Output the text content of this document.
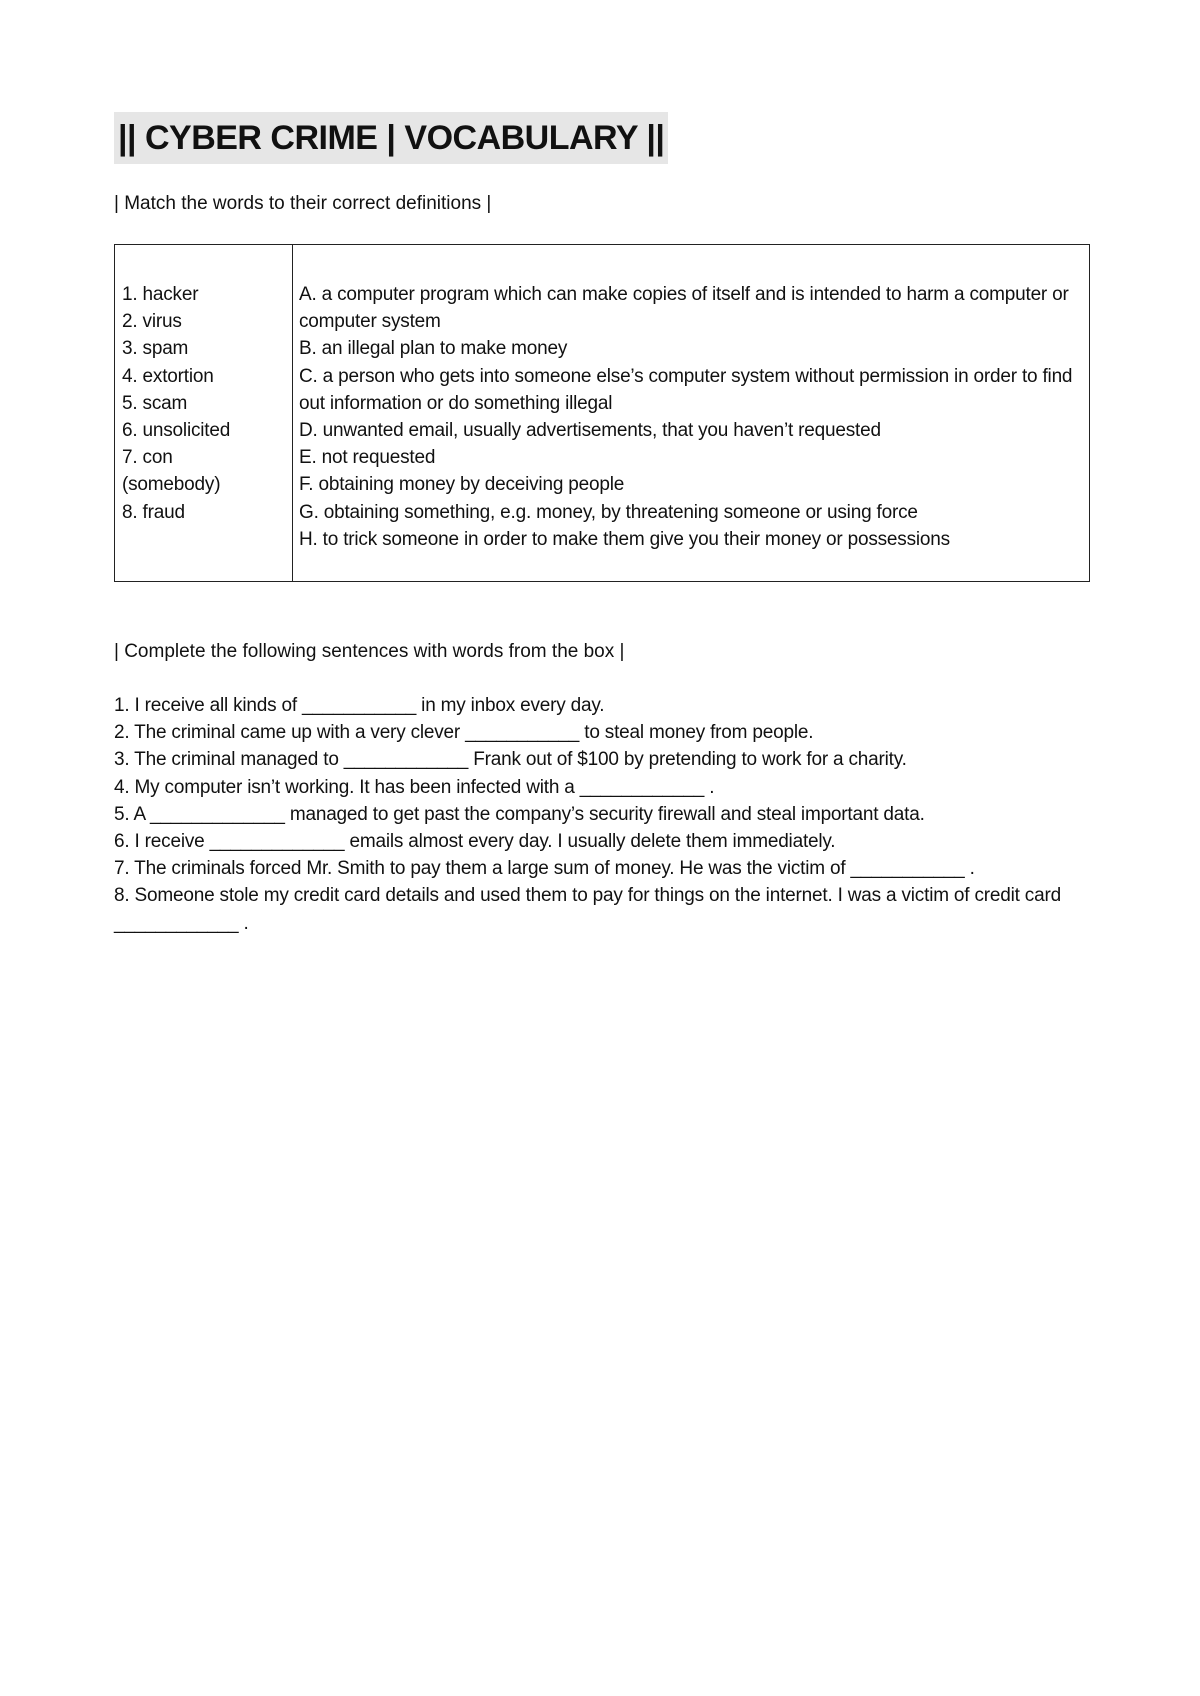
|| CYBER CRIME | VOCABULARY ||
| Match the words to their correct definitions |
1. hacker
2. virus
3. spam
4. extortion
5. scam
6. unsolicited
7. con
(somebody)
8. fraud
A. a computer program which can make copies of itself and is intended to harm a computer or computer system
B. an illegal plan to make money
C. a person who gets into someone else’s computer system without permission in order to find out information or do something illegal
D. unwanted email, usually advertisements, that you haven’t requested
E. not requested
F. obtaining money by deceiving people
G. obtaining something, e.g. money, by threatening someone or using force
H. to trick someone in order to make them give you their money or possessions
| Complete the following sentences with words from the box |
1. I receive all kinds of ___________ in my inbox every day.
2. The criminal came up with a very clever ___________ to steal money from people.
3. The criminal managed to ____________ Frank out of $100 by pretending to work for a charity.
4. My computer isn’t working. It has been infected with a ____________ .
5. A _____________ managed to get past the company’s security firewall and steal important data.
6. I receive _____________ emails almost every day. I usually delete them immediately.
7. The criminals forced Mr. Smith to pay them a large sum of money. He was the victim of ___________ .
8. Someone stole my credit card details and used them to pay for things on the internet. I was a victim of credit card ____________ .
